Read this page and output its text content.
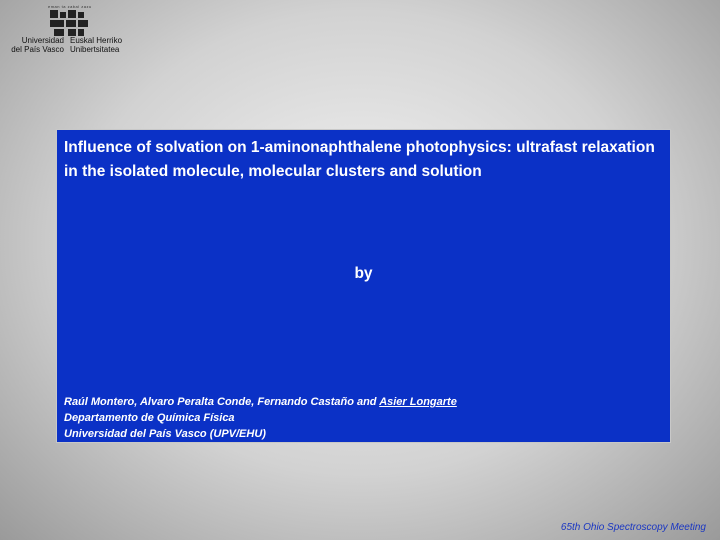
eman ta zabal zazu
Universidad
del País Vasco
Euskal Herriko
Unibertsitatea

Influence of solvation on 1-aminonaphthalene photophysics: ultrafast relaxation in the isolated molecule, molecular clusters and solution

by
Raúl Montero, Alvaro Peralta Conde, Fernando Castaño and Asier Longarte
Departamento de Química Física
Universidad del País Vasco (UPV/EHU)
65th Ohio Spectroscopy Meeting
